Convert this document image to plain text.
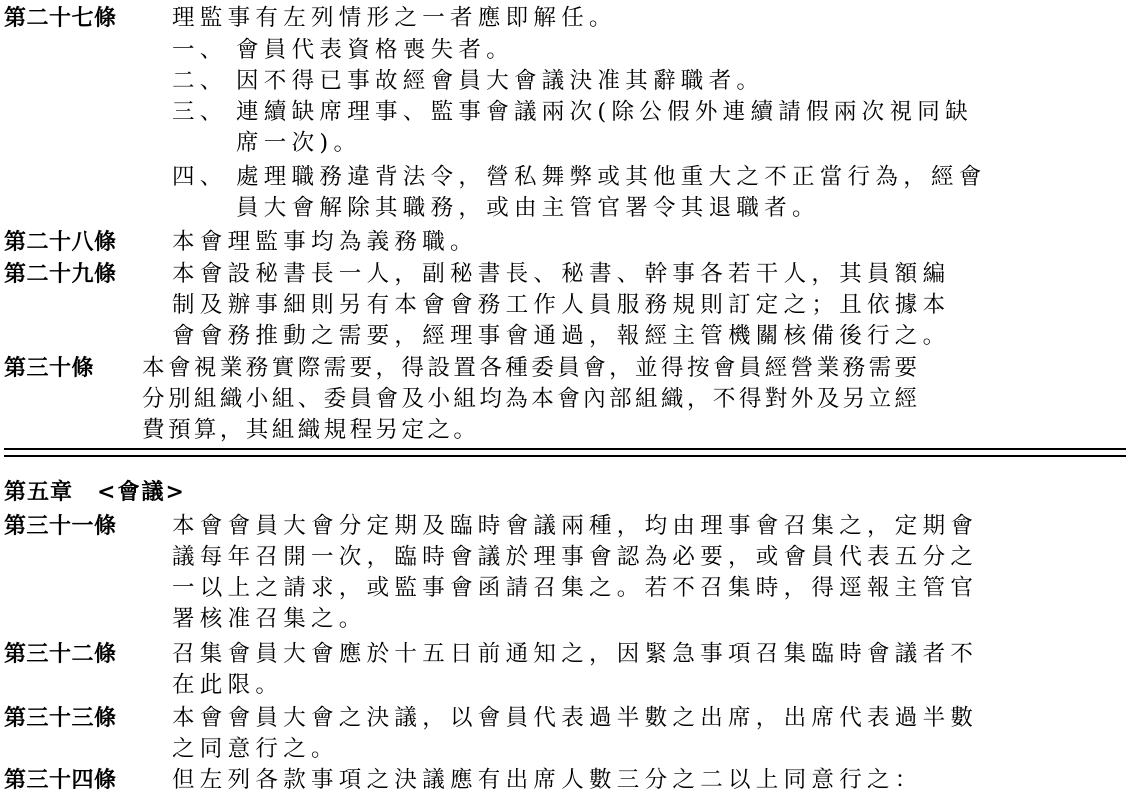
第二十七條 理監事有左列情形之一者應即解任。
一、 會員代表資格喪失者。
二、 因不得已事故經會員大會議決准其辭職者。
三、 連續缺席理事、監事會議兩次(除公假外連續請假兩次視同缺
席一次)。
四、 處理職務違背法令，營私舞弊或其他重大之不正當行為，經會
員大會解除其職務，或由主管官署令其退職者。
第二十八條 本會理監事均為義務職。
第二十九條 本會設秘書長一人，副秘書長、秘書、幹事各若干人，其員額編
制及辦事細則另有本會會務工作人員服務規則訂定之；且依據本
會會務推動之需要，經理事會通過，報經主管機關核備後行之。
第三十條 本會視業務實際需要，得設置各種委員會，並得按會員經營業務需要
分別組織小組、委員會及小組均為本會內部組織，不得對外及另立經
費預算，其組織規程另定之。
第五章 <會議>
第三十一條 本會會員大會分定期及臨時會議兩種，均由理事會召集之，定期會
議每年召開一次，臨時會議於理事會認為必要，或會員代表五分之
一以上之請求，或監事會函請召集之。若不召集時，得逕報主管官
署核准召集之。
第三十二條 召集會員大會應於十五日前通知之，因緊急事項召集臨時會議者不
在此限。
第三十三條 本會會員大會之決議，以會員代表過半數之出席，出席代表過半數
之同意行之。
第三十四條 但左列各款事項之決議應有出席人數三分之二以上同意行之：
